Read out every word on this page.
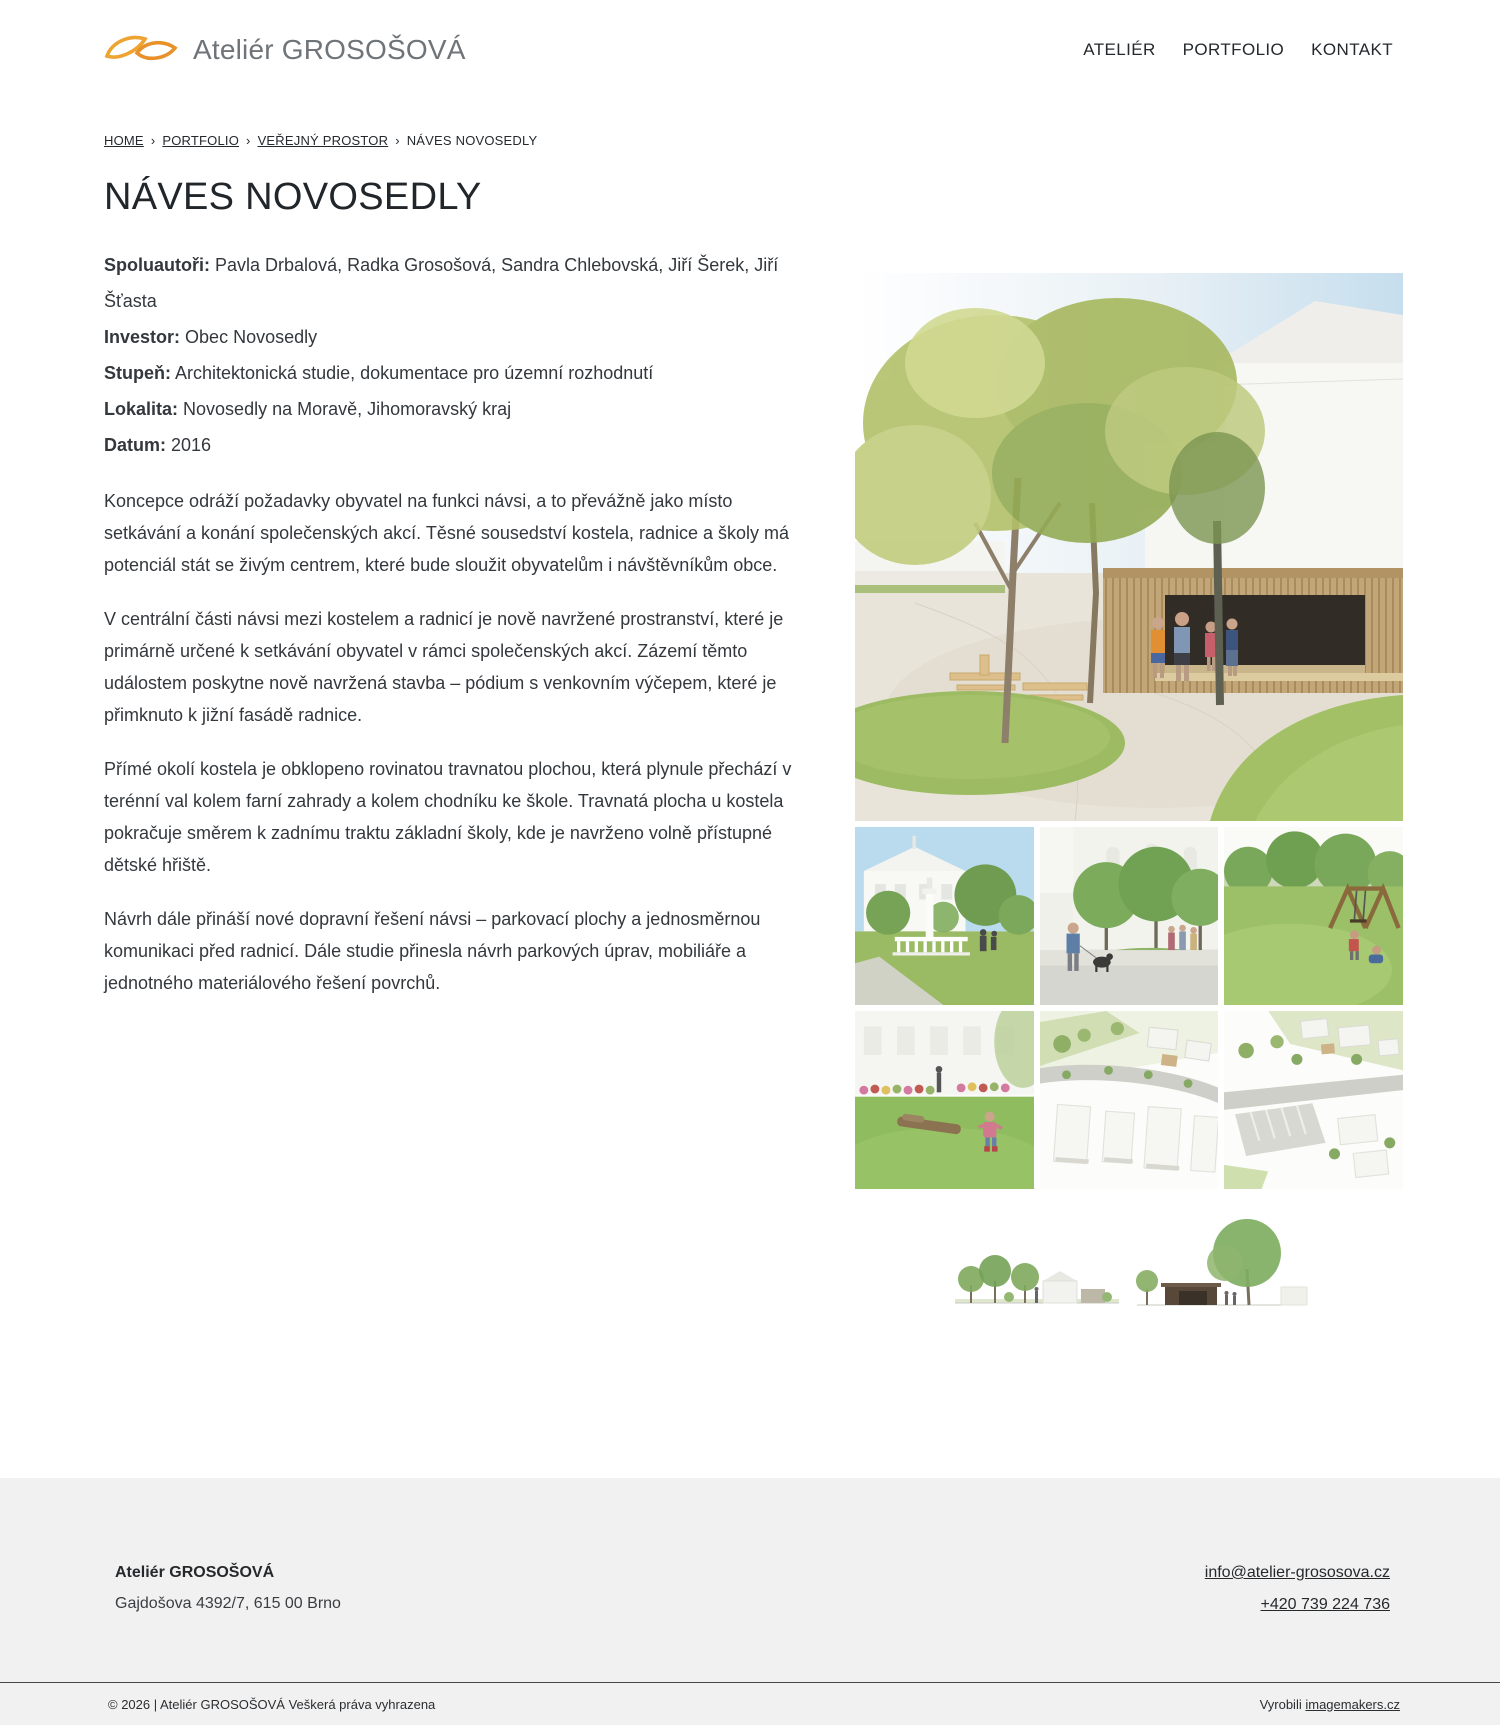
Ateliér GROSOŠOVÁ	ATELIÉR PORTFOLIO KONTAKT
HOME › PORTFOLIO › VEŘEJNÝ PROSTOR › NÁVES NOVOSEDLY
NÁVES NOVOSEDLY

Spoluautoři: Pavla Drbalová, Radka Grosošová, Sandra Chlebovská, Jiří Šerek, Jiří Šťasta

Investor: Obec Novosedly

Stupeň: Architektonická studie, dokumentace pro územní rozhodnutí

Lokalita: Novosedly na Moravě, Jihomoravský kraj

Datum: 2016

Koncepce odráží požadavky obyvatel na funkci návsi, a to převážně jako místo setkávání a konání společenských akcí. Těsné sousedství kostela, radnice a školy má potenciál stát se živým centrem, které bude sloužit obyvatelům i návštěvníkům obce.

V centrální části návsi mezi kostelem a radnicí je nově navržené prostranství, které je primárně určené k setkávání obyvatel v rámci společenských akcí. Zázemí těmto událostem poskytne nově navržená stavba – pódium s venkovním výčepem, které je přimknuto k jižní fasádě radnice.

Přímé okolí kostela je obklopeno rovinatou travnatou plochou, která plynule přechází v terénní val kolem farní zahrady a kolem chodníku ke škole. Travnatá plocha u kostela pokračuje směrem k zadnímu traktu základní školy, kde je navrženo volně přístupné dětské hřiště.

Návrh dále přináší nové dopravní řešení návsi – parkovací plochy a jednosměrnou komunikaci před radnicí. Dále studie přinesla návrh parkových úprav, mobiliáře a jednotného materiálového řešení povrchů.

Ateliér GROSOŠOVÁ

Gajdošova 4392/7, 615 00 Brno

info@atelier-grososova.cz
+420 739 224 736
© 2026 | Ateliér GROSOŠOVÁ Veškerá práva vyhrazena	Vyrobili imagemakers.cz
